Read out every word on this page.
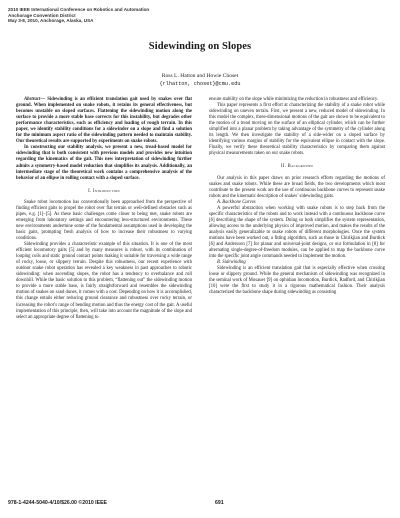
2010 IEEE International Conference on Robotics and Automation
Anchorage Convention District
May 3-8, 2010, Anchorage, Alaska, USA
Sidewinding on Slopes
Ross L. Hatton and Howie Choset
{rlhatton, choset}@cmu.edu

Abstract— Sidewinding is an efficient translation gait used by snakes over flat ground. When implemented on snake robots, it retains its general effectiveness, but becomes unstable on sloped surfaces. Flattening the sidewinding motion along the surface to provide a more stable base corrects for this instability, but degrades other performance characteristics, such as efficiency and loading of rough terrain. In this paper, we identify stability conditions for a sidewinder on a slope and find a solution for the minimum aspect ratio of the sidewinding pattern needed to maintain stability. Our theoretical results are supported by experiments on snake robots.

In constructing our stability analysis, we present a new, tread-based model for sidewinding that is both consistent with previous models and provides new intuition regarding the kinematics of the gait. This new interpretation of sidewinding further admits a symmetry-based model reduction that simplifies its analysis. Additionally, an intermediate stage of the theoretical work contains a comprehensive analysis of the behavior of an ellipse in rolling contact with a sloped surface.

I. Introduction

Snake robot locomotion has conventionally been approached from the perspective of finding efficient gaits to propel the robot over flat terrain or well-defined obstacles such as pipes, e.g. [1]–[5]. As these basic challenges come closer to being met, snake robots are emerging from laboratory settings and encountering less-structured environments. These new environments undermine some of the fundamental assumptions used in developing the basic gaits, prompting fresh analysis of how to increase their robustness to varying conditions.

Sidewinding provides a characteristic example of this situation. It is one of the most efficient locomotory gaits [5] and by many measures is robust, with its combination of looping coils and static ground contact points making it suitable for traversing a wide range of rocky, loose, or slippery terrain. Despite this robustness, our recent experience with outdoor snake robot operation has revealed a key weakness in past approaches to robotic sidewinding: when ascending slopes, the robot has a tendency to overbalance and roll downhill. While the basic solution to this problem, “flattening out” the sidewinding motion to provide a more stable base, is fairly straightforward and resembles the sidewinding motion of snakes on sand dunes, it comes with a cost. Depending on how it is accomplished, this change entails either reducing ground clearance and robustness over rocky terrain, or increasing the robot’s range of bending motion and thus the energy cost of the gait. A useful implementation of this principle, then, will take into account the magnitude of the slope and select an appropriate degree of flattening to

ensure stability on the slope while minimizing the reduction in robustness and efficiency.

This paper represents a first effort at characterizing the stability of a snake robot while sidewinding on uneven terrain. First, we present a new, reduced model of sidewinding. In this model the complex, three-dimensional motions of the gait are shown to be equivalent to the motion of a tread moving on the surface of an elliptical cylinder, which can be further simplified into a planar problem by taking advantage of the symmetry of the cylinder along its length. We then investigate the stability of a side-wider on a sloped surface by identifying various margins of stability for the equivalent ellipse in contact with the slope. Finally, we verify these theoretical stability characteristics by comparing them against physical measurements taken on our snake robots.

II. Background

Our analysis in this paper draws on prior research efforts regarding the motions of snakes and snake robots. While these are broad fields, the two developments which most contribute to the present work are the use of continuous backbone curves to represent snake robots and the kinematic description of snakes’ sidewinding gaits.

A. Backbone Curves

A powerful abstraction when working with snake robots is to step back from the specific characteristics of the robots and to work instead with a continuous backbone curve [6] describing the shape of the system. Doing so both simplifies the system representation, allowing access to the underlying physics of improved motion, and makes the results of the analysis easily generalizable to snake robots of different morphologies. Once the system motions have been worked out, a fitting algorithm, such as those in Chirikjian and Burdick [6] and Andersson [7] for planar and universal-joint designs, or our formulation in [8] for alternating single-degree-of-freedom modules, can be applied to map the backbone curve into the specific joint angle commands needed to implement the motion.

B. Sidewinding

Sidewinding is an efficient translation gait that is especially effective when crossing loose or slippery ground. While the general mechanism of sidewinding was recognized in the seminal work of Mosauer [9] on ophidian locomotion, Burdick, Radford, and Chirikjian [10] were the first to study it in a rigorous mathematical fashion. Their analysis characterized the backbone shape during sidewinding as consisting

978-1-4244-5040-4/10/$26.00 ©2010 IEEE	691
